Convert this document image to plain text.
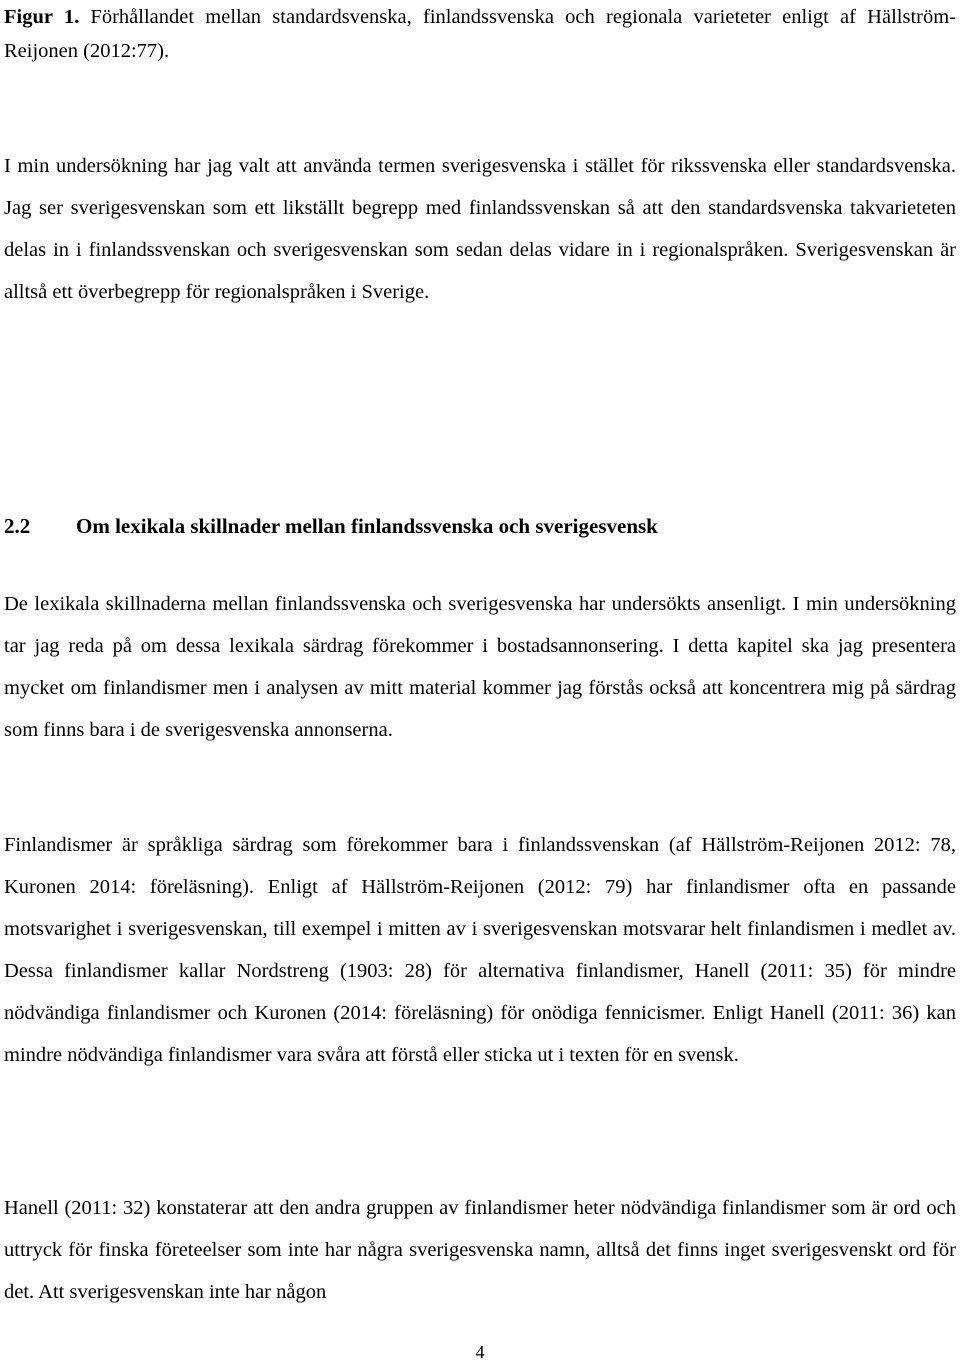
Figur 1. Förhållandet mellan standardsvenska, finlandssvenska och regionala varieteter enligt af Hällström-Reijonen (2012:77).
I min undersökning har jag valt att använda termen sverigesvenska i stället för rikssvenska eller standardsvenska. Jag ser sverigesvenskan som ett likställt begrepp med finlandssvenskan så att den standardsvenska takvarieteten delas in i finlandssvenskan och sverigesvenskan som sedan delas vidare in i regionalspråken. Sverigesvenskan är alltså ett överbegrepp för regionalspråken i Sverige.
2.2 Om lexikala skillnader mellan finlandssvenska och sverigesvensk
De lexikala skillnaderna mellan finlandssvenska och sverigesvenska har undersökts ansenligt. I min undersökning tar jag reda på om dessa lexikala särdrag förekommer i bostadsannonsering. I detta kapitel ska jag presentera mycket om finlandismer men i analysen av mitt material kommer jag förstås också att koncentrera mig på särdrag som finns bara i de sverigesvenska annonserna.
Finlandismer är språkliga särdrag som förekommer bara i finlandssvenskan (af Hällström-Reijonen 2012: 78, Kuronen 2014: föreläsning). Enligt af Hällström-Reijonen (2012: 79) har finlandismer ofta en passande motsvarighet i sverigesvenskan, till exempel i mitten av i sverigesvenskan motsvarar helt finlandismen i medlet av. Dessa finlandismer kallar Nordstreng (1903: 28) för alternativa finlandismer, Hanell (2011: 35) för mindre nödvändiga finlandismer och Kuronen (2014: föreläsning) för onödiga fennicismer. Enligt Hanell (2011: 36) kan mindre nödvändiga finlandismer vara svåra att förstå eller sticka ut i texten för en svensk.
Hanell (2011: 32) konstaterar att den andra gruppen av finlandismer heter nödvändiga finlandismer som är ord och uttryck för finska företeelser som inte har några sverigesvenska namn, alltså det finns inget sverigesvenskt ord för det. Att sverigesvenskan inte har någon
4
